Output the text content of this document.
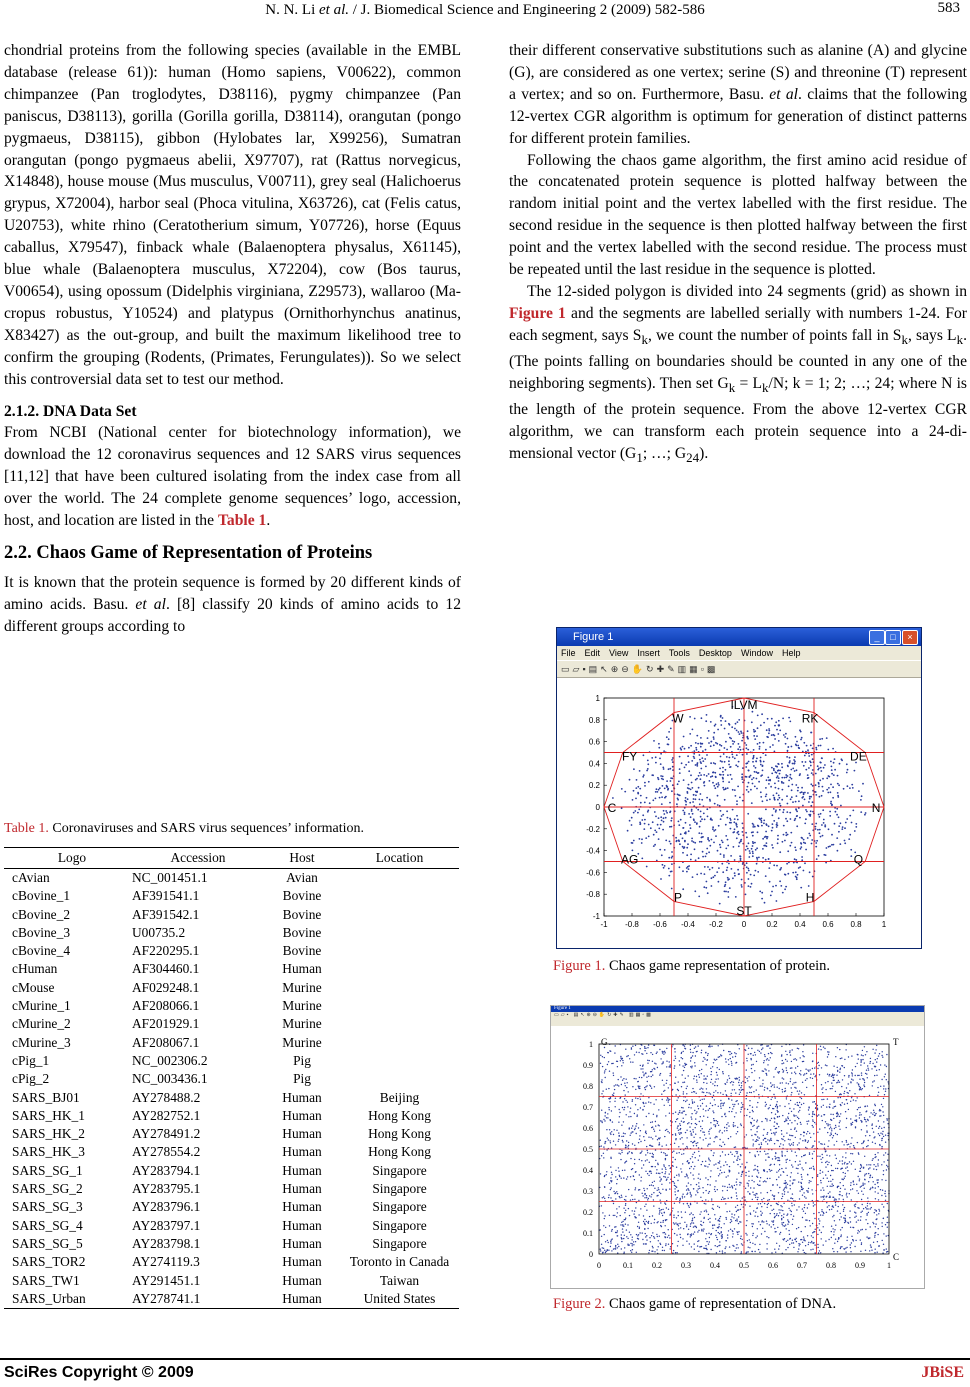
N. N. Li et al. / J. Biomedical Science and Engineering 2 (2009) 582-586	583

chondrial proteins from the following species (available in the EMBL database (release 61)): human (Homo sapiens, V00622), common chimpanzee (Pan troglodytes, D38116), pygmy chimpanzee (Pan paniscus, D38113), gorilla (Gorilla gorilla, D38114), orangutan (pongo pygmaeus, D38115), gibbon (Hylobates lar, X99256), Sumatran orangutan (pongo pygmaeus abelii, X97707), rat (Rattus norvegicus, X14848), house mouse (Mus musculus, V00711), grey seal (Halichoerus grypus, X72004), harbor seal (Phoca vitulina, X63726), cat (Felis catus, U20753), white rhino (Ceratotherium simum, Y07726), horse (Equus caballus, X79547), finback whale (Balaenoptera physalus, X61145), blue whale (Balaenoptera musculus, X72204), cow (Bos taurus, V00654), using opossum (Didelphis virginiana, Z29573), wallaroo (Macropus robustus, Y10524) and platypus (Ornithorhynchus anatinus, X83427) as the out-group, and built the maximum likelihood tree to confirm the grouping (Rodents, (Primates, Ferungulates)). So we select this controversial data set to test our method.

2.1.2. DNA Data Set

From NCBI (National center for biotechnology information), we download the 12 coronavirus sequences and 12 SARS virus sequences [11,12] that have been cultured isolating from the index case from all over the world. The 24 complete genome sequences’ logo, accession, host, and location are listed in the Table 1.

2.2. Chaos Game of Representation of Proteins

It is known that the protein sequence is formed by 20 different kinds of amino acids. Basu. et al. [8] classify 20 kinds of amino acids to 12 different groups according to

Table 1. Coronaviruses and SARS virus sequences’ information.
Logo	Accession	Host	Location
cAvian	NC_001451.1	Avian	
cBovine_1	AF391541.1	Bovine	
cBovine_2	AF391542.1	Bovine	
cBovine_3	U00735.2	Bovine	
cBovine_4	AF220295.1	Bovine	
cHuman	AF304460.1	Human	
cMouse	AF029248.1	Murine	
cMurine_1	AF208066.1	Murine	
cMurine_2	AF201929.1	Murine	
cMurine_3	AF208067.1	Murine	
cPig_1	NC_002306.2	Pig	
cPig_2	NC_003436.1	Pig	
SARS_BJ01	AY278488.2	Human	Beijing
SARS_HK_1	AY282752.1	Human	Hong Kong
SARS_HK_2	AY278491.2	Human	Hong Kong
SARS_HK_3	AY278554.2	Human	Hong Kong
SARS_SG_1	AY283794.1	Human	Singapore
SARS_SG_2	AY283795.1	Human	Singapore
SARS_SG_3	AY283796.1	Human	Singapore
SARS_SG_4	AY283797.1	Human	Singapore
SARS_SG_5	AY283798.1	Human	Singapore
SARS_TOR2	AY274119.3	Human	Toronto in Canada
SARS_TW1	AY291451.1	Human	Taiwan
SARS_Urban	AY278741.1	Human	United States

their different conservative substitutions such as alanine (A) and glycine (G), are considered as one vertex; serine (S) and threonine (T) represent a vertex; and so on. Furthermore, Basu. et al. claims that the following 12-vertex CGR algorithm is optimum for generation of distinct patterns for different protein families.

Following the chaos game algorithm, the first amino acid residue of the concatenated protein sequence is plotted halfway between the random initial point and the vertex labelled with the first residue. The second residue in the sequence is then plotted halfway between the first point and the vertex labelled with the second residue. The process must be repeated until the last residue in the sequence is plotted.

The 12-sided polygon is divided into 24 segments (grid) as shown in Figure 1 and the segments are labelled serially with numbers 1-24. For each segment, says $S_k$, we count the number of points fall in $S_k$, says $L_k$. (The points falling on boundaries should be counted in any one of the neighboring segments). Then set $G_k = L_k/N$; k = 1; 2; …; 24; where N is the length of the protein sequence. From the above 12-vertex CGR algorithm, we can transform each protein sequence into a 24-dimensional vector ($G_1$; …; $G_{24}$).

Figure 1	_	□	×
File Edit View Insert Tools Desktop Window Help
▭▱▪▤↖⊕⊖✋↻✚✎▥▦▫▩
1
0.8
0.6
0.4
0.2
0
-0.2
-0.4
-0.6
-0.8
-1
-1 -0.8 -0.6 -0.4 -0.2 0	0.2 0.4 0.6 0.8	1
ILVM
RK
DE
N
Q
H
ST
P
AG
C
FY
W
Figure 1. Chaos game representation of protein.
Figure 1
▭▱▪ ▤↖⊕⊖✋↻✚✎ ▥▦▫▩
1
0.9
0.8
0.7
0.6
0.5
0.4
0.3
0.2
0.1
0
0	0.1 0.2 0.3 0.4 0.5 0.6 0.7 0.8 0.9	1
G	T
C
Figure 2. Chaos game of representation of DNA.
SciRes Copyright © 2009	JBiSE
